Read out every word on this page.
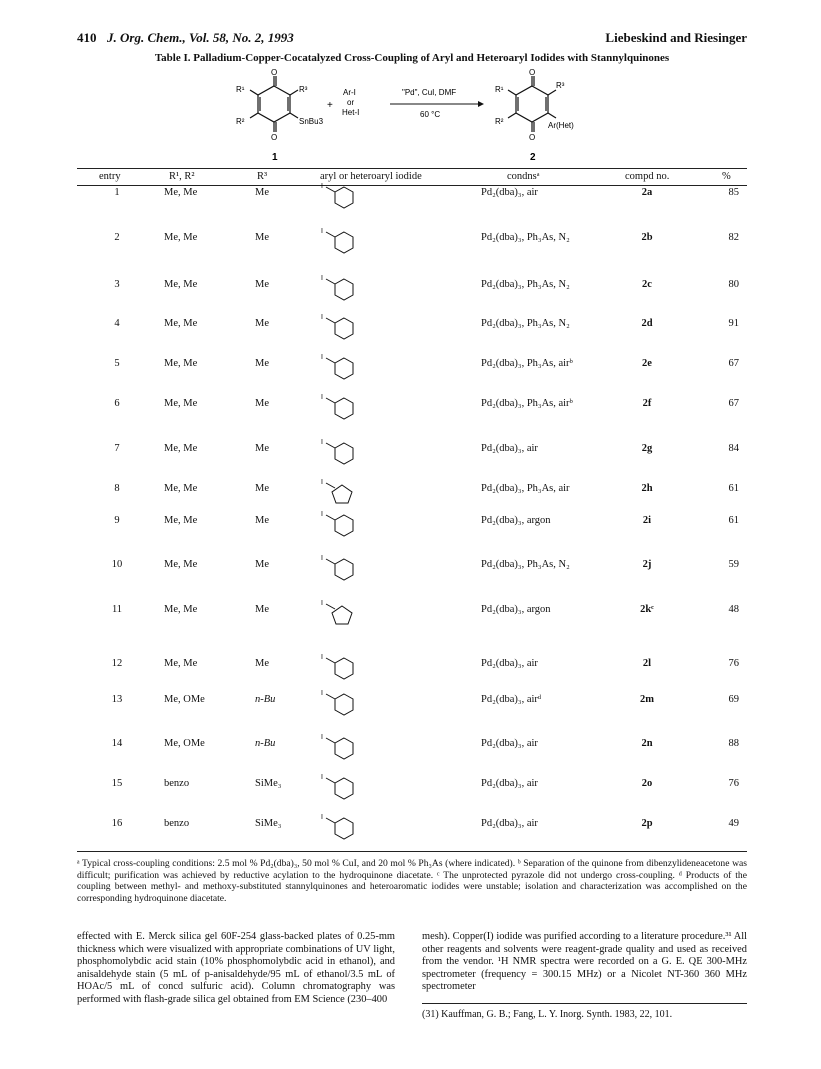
410 J. Org. Chem., Vol. 58, No. 2, 1993	Liebeskind and Riesinger
Table I. Palladium-Copper-Cocatalyzed Cross-Coupling of Aryl and Heteroaryl Iodides with Stannylquinones
O
O
R¹
R²
R³
SnBu3
1
+
Ar-I
or
Het-I
"Pd", CuI, DMF
60 °C
O
O
R¹
R²
R³
Ar(Het)
2
entry	R¹, R²	R³	aryl or heteroaryl iodide	condnsᵃ	compd no.	%
1	Me, Me	Me	Pd₂(dba)₃, air	2a	85
I
2	Me, Me	Me	Pd₂(dba)₃, Ph₃As, N₂	2b	82
I
3	Me, Me	Me	Pd₂(dba)₃, Ph₃As, N₂	2c	80
I
4	Me, Me	Me	Pd₂(dba)₃, Ph₃As, N₂	2d	91
I
5	Me, Me	Me	Pd₂(dba)₃, Ph₃As, airᵇ	2e	67
I
6	Me, Me	Me	Pd₂(dba)₃, Ph₃As, airᵇ	2f	67
I
7	Me, Me	Me	Pd₂(dba)₃, air	2g	84
I
8	Me, Me	Me	Pd₂(dba)₃, Ph₃As, air	2h	61
I
9	Me, Me	Me	Pd₂(dba)₃, argon	2i	61
I
10	Me, Me	Me	Pd₂(dba)₃, Ph₃As, N₂	2j	59
I
11	Me, Me	Me	Pd₂(dba)₃, argon	2kᶜ	48
I
12	Me, Me	Me	Pd₂(dba)₃, air	2l	76
I
13	Me, OMe	n-Bu	Pd₂(dba)₃, airᵈ	2m	69
I
14	Me, OMe	n-Bu	Pd₂(dba)₃, air	2n	88
I
15	benzo	SiMe₃	Pd₂(dba)₃, air	2o	76
I
16	benzo	SiMe₃	Pd₂(dba)₃, air	2p	49
I
ᵃ Typical cross-coupling conditions: 2.5 mol % Pd₂(dba)₃, 50 mol % CuI, and 20 mol % Ph₃As (where indicated). ᵇ Separation of the quinone from dibenzylideneacetone was difficult; purification was achieved by reductive acylation to the hydroquinone diacetate. ᶜ The unprotected pyrazole did not undergo cross-coupling. ᵈ Products of the coupling between methyl- and methoxy-substituted stannylquinones and heteroaromatic iodides were unstable; isolation and characterization was accomplished on the corresponding hydroquinone diacetate.
effected with E. Merck silica gel 60F-254 glass-backed plates of 0.25-mm thickness which were visualized with appropriate combinations of UV light, phosphomolybdic acid stain (10% phosphomolybdic acid in ethanol), and anisaldehyde stain (5 mL of p-anisaldehyde/95 mL of ethanol/3.5 mL of HOAc/5 mL of concd sulfuric acid). Column chromatography was performed with flash-grade silica gel obtained from EM Science (230–400
mesh). Copper(I) iodide was purified according to a literature procedure.³¹ All other reagents and solvents were reagent-grade quality and used as received from the vendor. ¹H NMR spectra were recorded on a G. E. QE 300-MHz spectrometer (frequency = 300.15 MHz) or a Nicolet NT-360 360 MHz spectrometer
(31) Kauffman, G. B.; Fang, L. Y. Inorg. Synth. 1983, 22, 101.
